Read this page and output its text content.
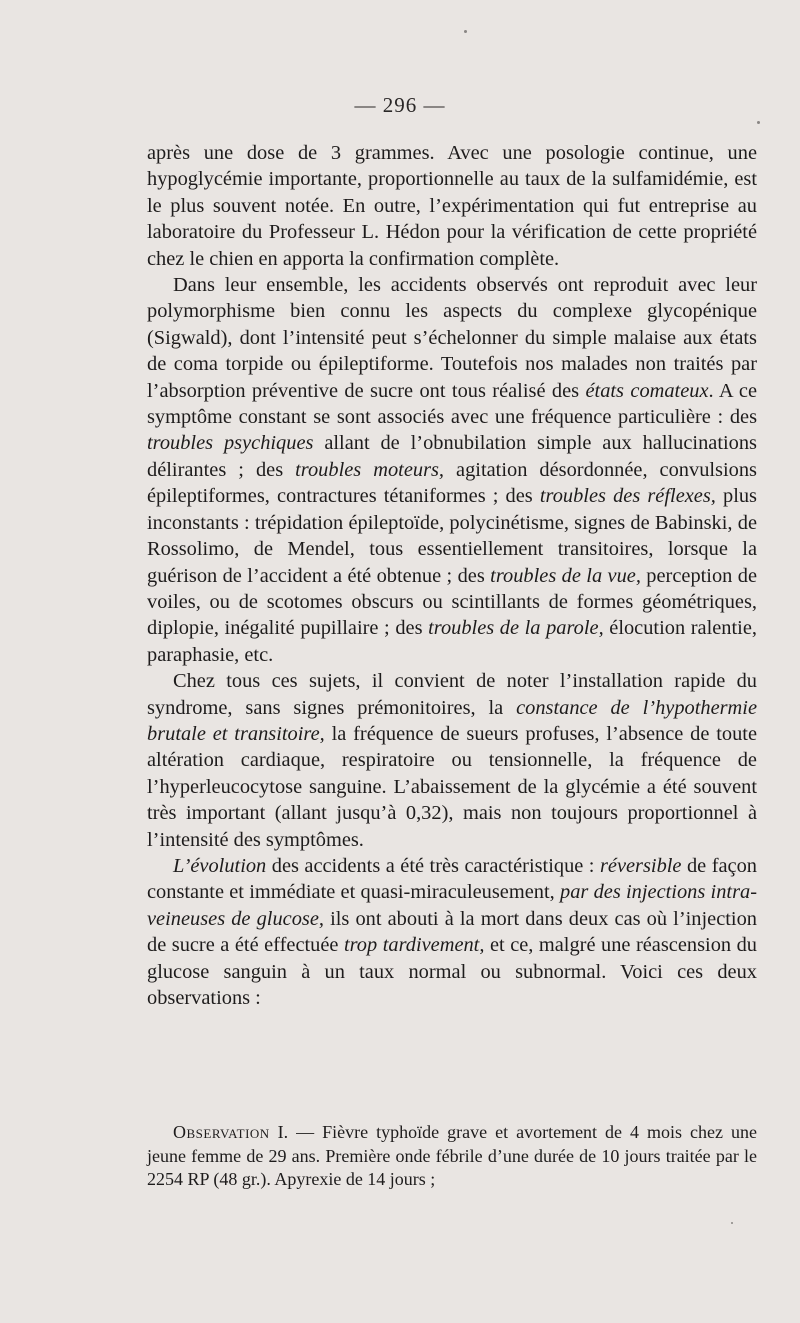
— 296 —

après une dose de 3 grammes. Avec une posologie continue, une hypoglycémie importante, proportionnelle au taux de la sulfamidémie, est le plus souvent notée. En outre, l’expérimentation qui fut entreprise au laboratoire du Professeur L. Hédon pour la vérification de cette propriété chez le chien en apporta la confirmation complète.

Dans leur ensemble, les accidents observés ont reproduit avec leur polymorphisme bien connu les aspects du complexe glycopénique (Sigwald), dont l’intensité peut s’échelonner du simple malaise aux états de coma torpide ou épileptiforme. Toutefois nos malades non traités par l’absorption préventive de sucre ont tous réalisé des états comateux. A ce symptôme constant se sont associés avec une fréquence particulière : des troubles psychiques allant de l’obnubilation simple aux hallucinations délirantes ; des troubles moteurs, agitation désordonnée, convulsions épileptiformes, contractures tétaniformes ; des troubles des réflexes, plus inconstants : trépidation épileptoïde, polycinétisme, signes de Babinski, de Rossolimo, de Mendel, tous essentiellement transitoires, lorsque la guérison de l’accident a été obtenue ; des troubles de la vue, perception de voiles, ou de scotomes obscurs ou scintillants de formes géométriques, diplopie, inégalité pupillaire ; des troubles de la parole, élocution ralentie, paraphasie, etc.

Chez tous ces sujets, il convient de noter l’installation rapide du syndrome, sans signes prémonitoires, la constance de l’hypothermie brutale et transitoire, la fréquence de sueurs profuses, l’absence de toute altération cardiaque, respiratoire ou tensionnelle, la fréquence de l’hyperleucocytose sanguine. L’abaissement de la glycémie a été souvent très important (allant jusqu’à 0,32), mais non toujours proportionnel à l’intensité des symptômes.

L’évolution des accidents a été très caractéristique : réversible de façon constante et immédiate et quasi-miraculeusement, par des injections intra-veineuses de glucose, ils ont abouti à la mort dans deux cas où l’injection de sucre a été effectuée trop tardivement, et ce, malgré une réascension du glucose sanguin à un taux normal ou subnormal. Voici ces deux observations :

Observation I. — Fièvre typhoïde grave et avortement de 4 mois chez une jeune femme de 29 ans. Première onde fébrile d’une durée de 10 jours traitée par le 2254 RP (48 gr.). Apyrexie de 14 jours ;
